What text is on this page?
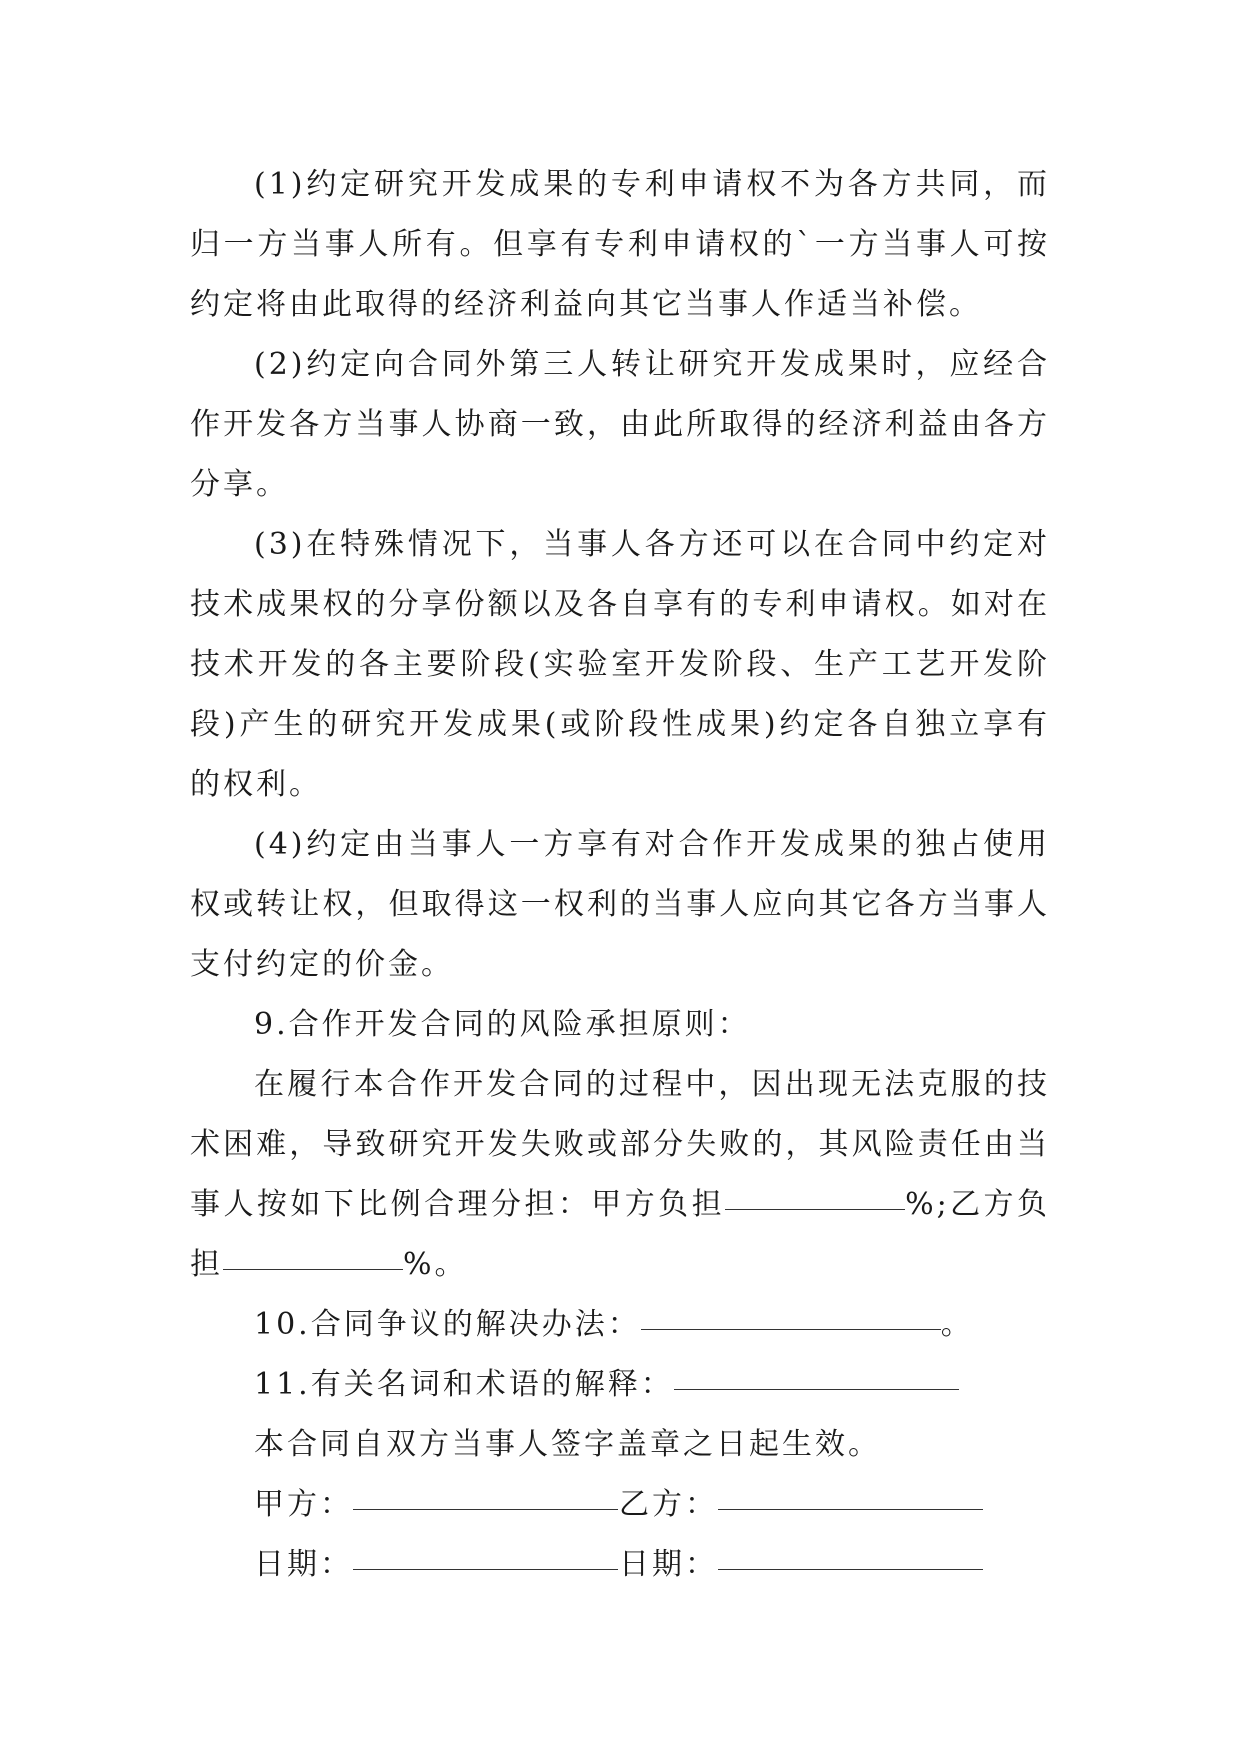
(1)约定研究开发成果的专利申请权不为各方共同，而归一方当事人所有。但享有专利申请权的`一方当事人可按约定将由此取得的经济利益向其它当事人作适当补偿。

(2)约定向合同外第三人转让研究开发成果时，应经合作开发各方当事人协商一致，由此所取得的经济利益由各方分享。

(3)在特殊情况下，当事人各方还可以在合同中约定对技术成果权的分享份额以及各自享有的专利申请权。如对在技术开发的各主要阶段(实验室开发阶段、生产工艺开发阶段)产生的研究开发成果(或阶段性成果)约定各自独立享有的权利。

(4)约定由当事人一方享有对合作开发成果的独占使用权或转让权，但取得这一权利的当事人应向其它各方当事人支付约定的价金。

9.合作开发合同的风险承担原则：

在履行本合作开发合同的过程中，因出现无法克服的技术困难，导致研究开发失败或部分失败的，其风险责任由当事人按如下比例合理分担：甲方负担	%;乙方负担	%。

10.合同争议的解决办法：	。

11.有关名词和术语的解释：

本合同自双方当事人签字盖章之日起生效。

甲方：	乙方：

日期：	日期：
